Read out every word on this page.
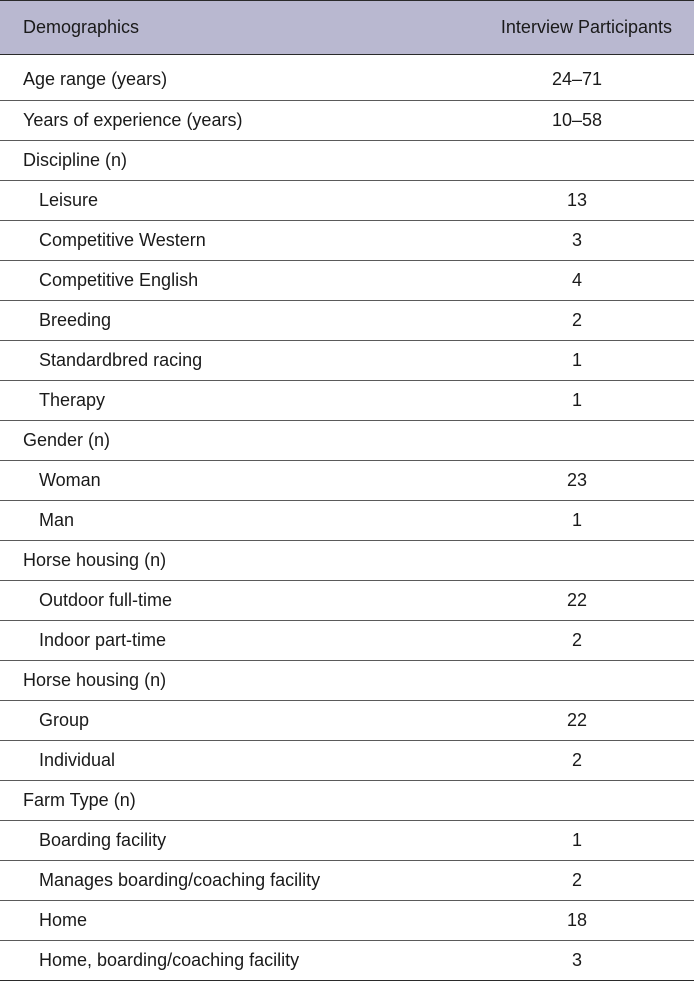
Demographics	Interview Participants

Age range (years)	24–71
Years of experience (years)	10–58
Discipline (n)	
Leisure	13
Competitive Western	3
Competitive English	4
Breeding	2
Standardbred racing	1
Therapy	1
Gender (n)	
Woman	23
Man	1
Horse housing (n)	
Outdoor full-time	22
Indoor part-time	2
Horse housing (n)	
Group	22
Individual	2
Farm Type (n)	
Boarding facility	1
Manages boarding/coaching facility	2
Home	18
Home, boarding/coaching facility	3
